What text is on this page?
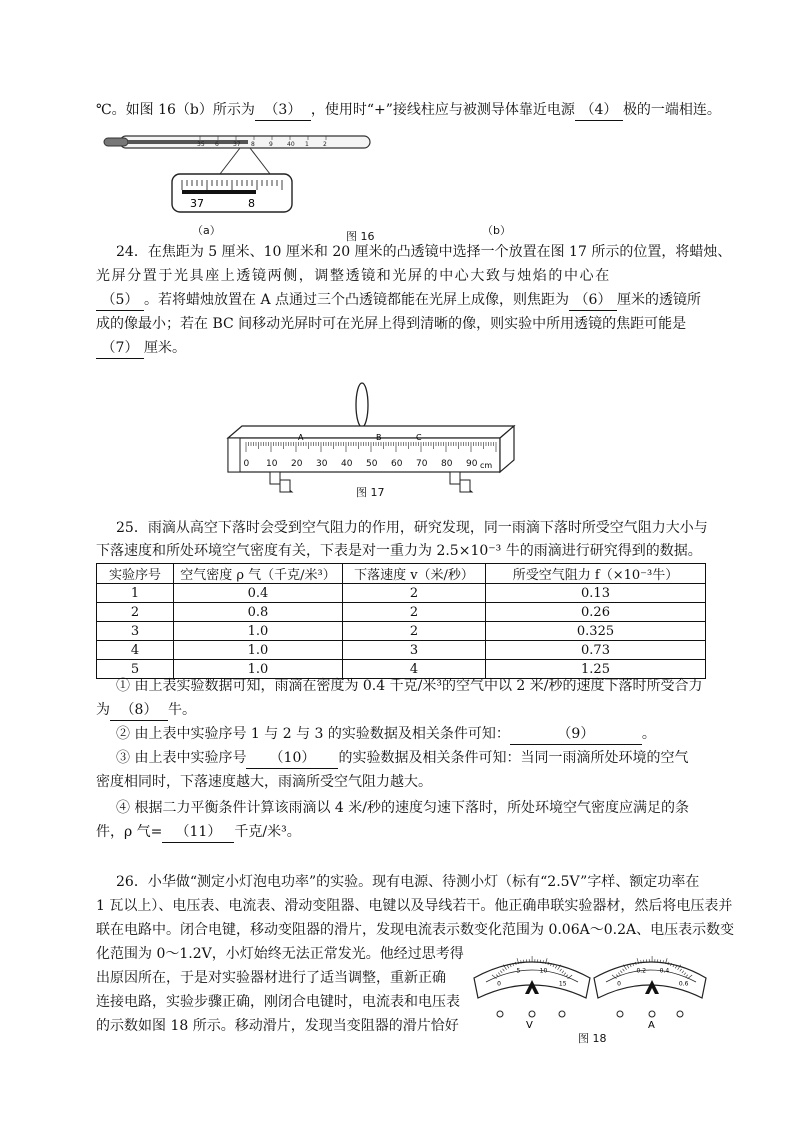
℃。如图 16（b）所示为 （3） ，使用时“+”接线柱应与被测导体靠近电源 （4） 极的一端相连。
35 6 37 8 9 40 1 2
37	8
（a）	图 16	（b）
24．在焦距为 5 厘米、10 厘米和 20 厘米的凸透镜中选择一个放置在图 17 所示的位置，将蜡烛、
光屏分置于光具座上透镜两侧，调整透镜和光屏的中心大致与烛焰的中心在
（5） 。若将蜡烛放置在 A 点通过三个凸透镜都能在光屏上成像，则焦距为 （6） 厘米的透镜所
成的像最小；若在 BC 间移动光屏时可在光屏上得到清晰的像，则实验中所用透镜的焦距可能是
（7） 厘米。
0 10 20 30 40 50 60 70 80 90 cm
A	B	C
图 17
25．雨滴从高空下落时会受到空气阻力的作用，研究发现，同一雨滴下落时所受空气阻力大小与
下落速度和所处环境空气密度有关，下表是对一重力为 2.5×10⁻³ 牛的雨滴进行研究得到的数据。
实验序号	空气密度 ρ 气（千克/米³）	下落速度 v（米/秒）	所受空气阻力 f（×10⁻³牛）
1	0.4	2	0.13
2	0.8	2	0.26
3	1.0	2	0.325
4	1.0	3	0.73
5	1.0	4	1.25
① 由上表实验数据可知，雨滴在密度为 0.4 千克/米³的空气中以 2 米/秒的速度下落时所受合力
为 （8） 牛。
② 由上表中实验序号 1 与 2 与 3 的实验数据及相关条件可知：	（9）	。
③ 由上表中实验序号 （10） 的实验数据及相关条件可知：当同一雨滴所处环境的空气
密度相同时，下落速度越大，雨滴所受空气阻力越大。
④ 根据二力平衡条件计算该雨滴以 4 米/秒的速度匀速下落时，所处环境空气密度应满足的条
件，ρ 气= （11） 千克/米³。
26．小华做“测定小灯泡电功率”的实验。现有电源、待测小灯（标有“2.5V”字样、额定功率在
1 瓦以上）、电压表、电流表、滑动变阻器、电键以及导线若干。他正确串联实验器材，然后将电压表并
联在电路中。闭合电键，移动变阻器的滑片，发现电流表示数变化范围为 0.06A～0.2A、电压表示数变
化范围为 0～1.2V，小灯始终无法正常发光。他经过思考得
出原因所在，于是对实验器材进行了适当调整，重新正确
连接电路，实验步骤正确，刚闭合电键时，电流表和电压表
的示数如图 18 所示。移动滑片，发现当变阻器的滑片恰好
0
5	10
15
V
0
0.2 0.4
0.6
A
图 18
